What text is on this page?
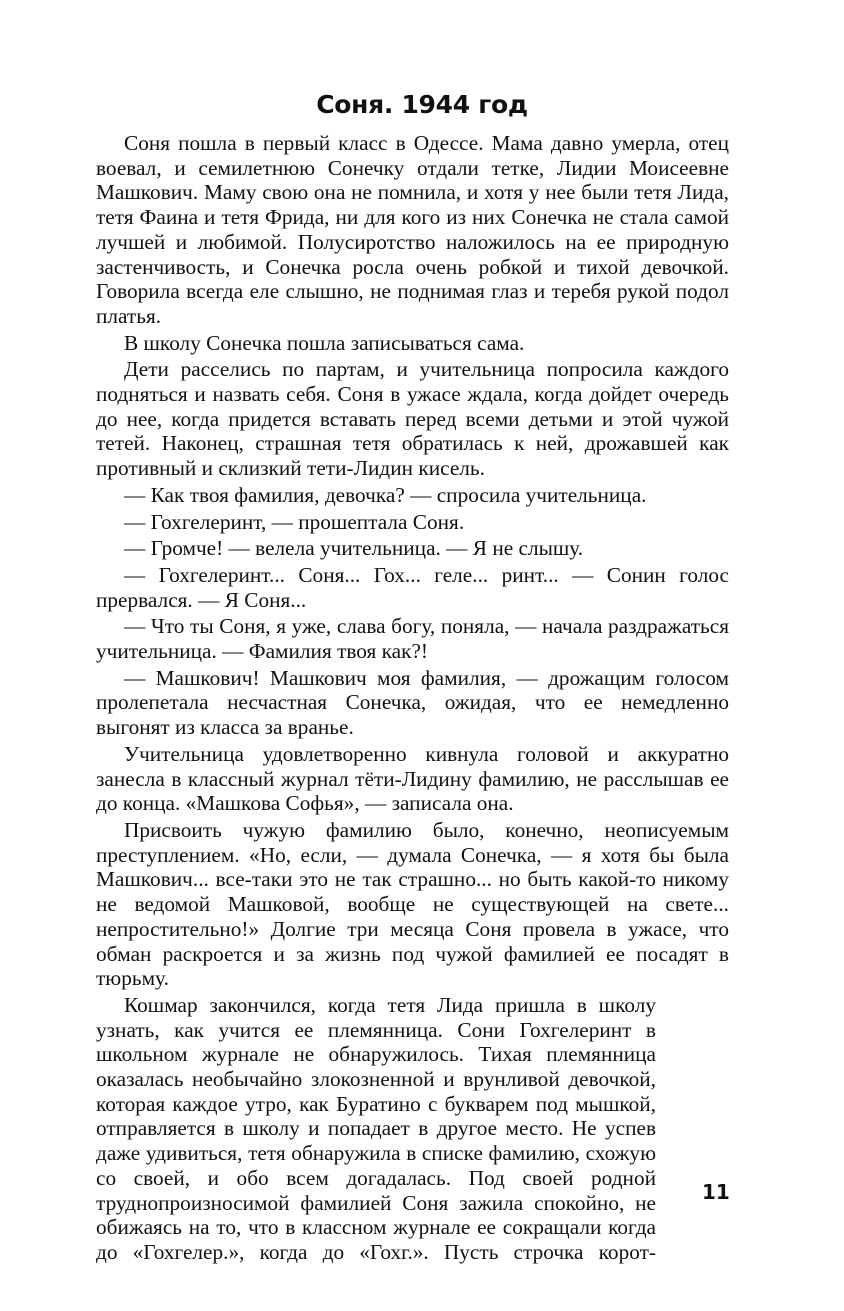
Соня. 1944 год

Соня пошла в первый класс в Одессе. Мама давно умерла, отец воевал, и семилетнюю Сонечку отдали тетке, Лидии Моисеевне Машкович. Маму свою она не помнила, и хотя у нее были тетя Лида, тетя Фаина и тетя Фрида, ни для кого из них Сонечка не стала самой лучшей и любимой. Полусиротство наложилось на ее природную застенчивость, и Сонечка росла очень робкой и тихой девочкой. Говорила всегда еле слышно, не поднимая глаз и теребя рукой подол платья.

В школу Сонечка пошла записываться сама.

Дети расселись по партам, и учительница попросила каждого подняться и назвать себя. Соня в ужасе ждала, когда дойдет очередь до нее, когда придется вставать перед всеми детьми и этой чужой тетей. Наконец, страшная тетя обратилась к ней, дрожавшей как противный и склизкий тети-Лидин кисель.

— Как твоя фамилия, девочка? — спросила учительница.

— Гохгелеринт, — прошептала Соня.

— Громче! — велела учительница. — Я не слышу.

— Гохгелеринт... Соня... Гох... геле... ринт... — Сонин голос прервался. — Я Соня...

— Что ты Соня, я уже, слава богу, поняла, — начала раздражаться учительница. — Фамилия твоя как?!

— Машкович! Машкович моя фамилия, — дрожащим голосом пролепетала несчастная Сонечка, ожидая, что ее немедленно выгонят из класса за вранье.

Учительница удовлетворенно кивнула головой и аккуратно занесла в классный журнал тёти-Лидину фамилию, не расслышав ее до конца. «Машкова Софья», — записала она.

Присвоить чужую фамилию было, конечно, неописуемым преступлением. «Но, если, — думала Сонечка, — я хотя бы была Машкович... все-таки это не так страшно... но быть какой-то никому не ведомой Машковой, вообще не существующей на свете... непростительно!» Долгие три месяца Соня провела в ужасе, что обман раскроется и за жизнь под чужой фамилией ее посадят в тюрьму.

Кошмар закончился, когда тетя Лида пришла в школу узнать, как учится ее племянница. Сони Гохгелеринт в школьном журнале не обнаружилось. Тихая племянница оказалась необычайно злокозненной и врунливой девочкой, которая каждое утро, как Буратино с букварем под мышкой, отправляется в школу и попадает в другое место. Не успев даже удивиться, тетя обнаружила в списке фамилию, схожую со своей, и обо всем догадалась. Под своей родной труднопроизносимой фамилией Соня зажила спокойно, не обижаясь на то, что в классном журнале ее сокращали когда до «Гохгелер.», когда до «Гохг.». Пусть строчка корот-

11
